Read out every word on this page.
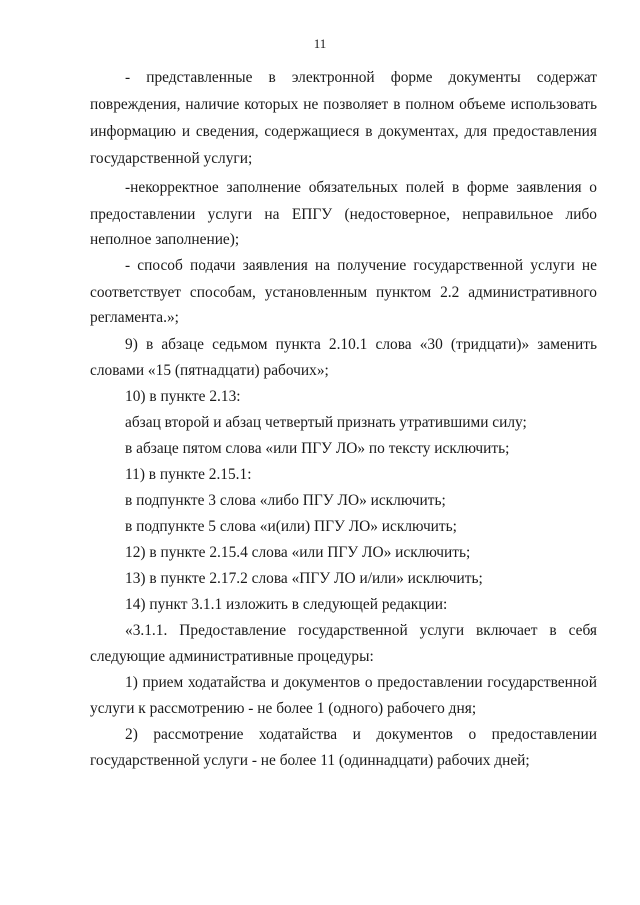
11
- представленные в электронной форме документы содержат
повреждения, наличие которых не позволяет в полном объеме использовать
информацию и сведения, содержащиеся в документах, для предоставления
государственной услуги;
-некорректное заполнение обязательных полей в форме заявления о
предоставлении услуги на ЕПГУ (недостоверное, неправильное либо
неполное заполнение);
- способ подачи заявления на получение государственной услуги не
соответствует способам, установленным пунктом 2.2 административного
регламента.»;
9) в абзаце седьмом пункта 2.10.1 слова «30 (тридцати)» заменить
словами «15 (пятнадцати) рабочих»;
10) в пункте 2.13:
абзац второй и абзац четвертый признать утратившими силу;
в абзаце пятом слова «или ПГУ ЛО» по тексту исключить;
11) в пункте 2.15.1:
в подпункте 3 слова «либо ПГУ ЛО» исключить;
в подпункте 5 слова «и(или) ПГУ ЛО» исключить;
12) в пункте 2.15.4 слова «или ПГУ ЛО» исключить;
13) в пункте 2.17.2 слова «ПГУ ЛО и/или» исключить;
14) пункт 3.1.1 изложить в следующей редакции:
«3.1.1. Предоставление государственной услуги включает в себя
следующие административные процедуры:
1) прием ходатайства и документов о предоставлении государственной
услуги к рассмотрению - не более 1 (одного) рабочего дня;
2) рассмотрение ходатайства и документов о предоставлении
государственной услуги - не более 11 (одиннадцати) рабочих дней;
